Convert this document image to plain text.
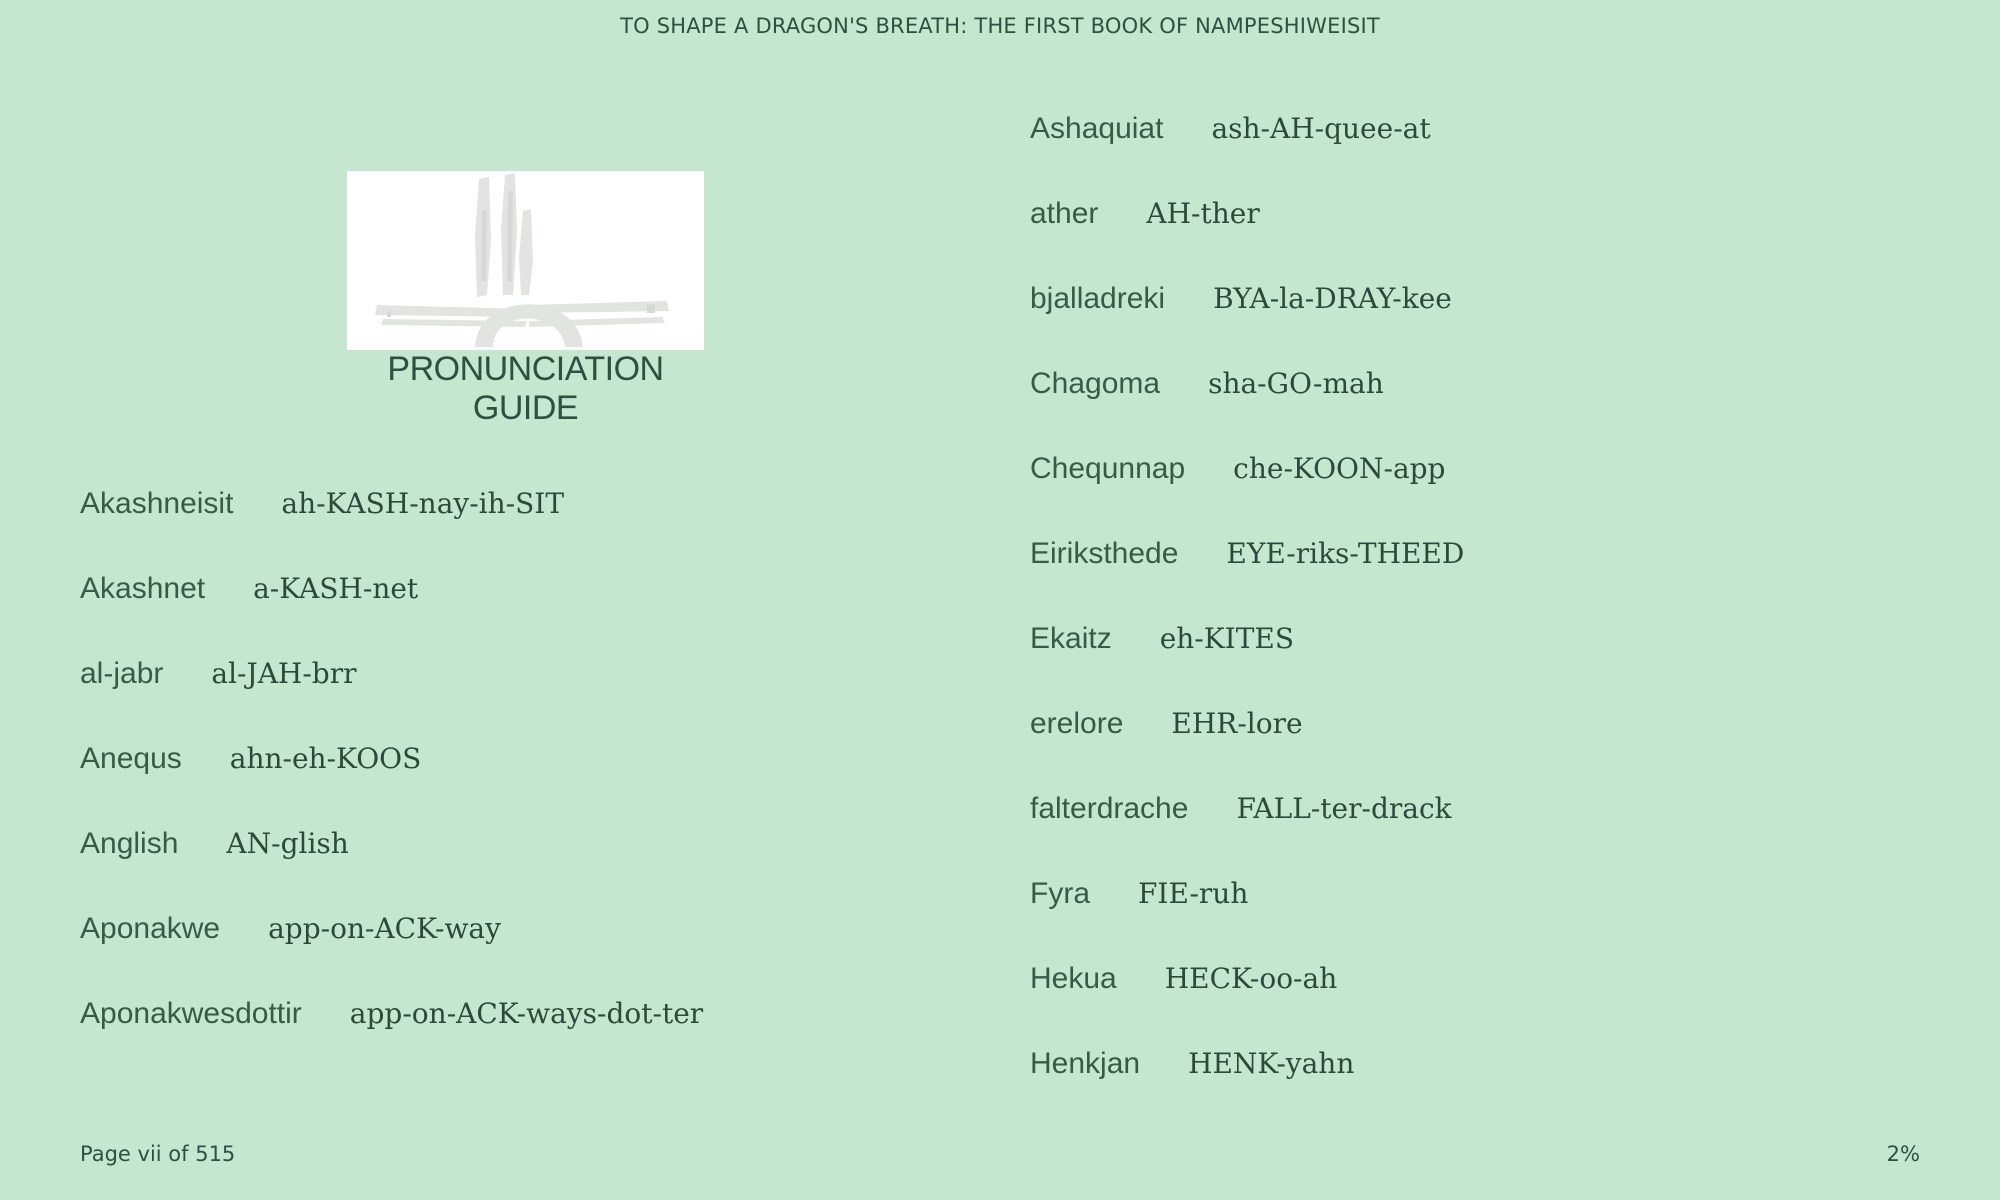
TO SHAPE A DRAGON'S BREATH: THE FIRST BOOK OF NAMPESHIWEISIT
PRONUNCIATION GUIDE
Akashneisit ah-KASH-nay-ih-SIT
Akashnet a-KASH-net
al-jabr al-JAH-brr
Anequs ahn-eh-KOOS
Anglish AN-glish
Aponakwe app-on-ACK-way
Aponakwesdottir app-on-ACK-ways-dot-ter
Ashaquiat ash-AH-quee-at
ather AH-ther
bjalladreki BYA-la-DRAY-kee
Chagoma sha-GO-mah
Chequnnap che-KOON-app
Eiriksthede EYE-riks-THEED
Ekaitz eh-KITES
erelore EHR-lore
falterdrache FALL-ter-drack
Fyra FIE-ruh
Hekua HECK-oo-ah
Henkjan HENK-yahn
Page vii of 515	2%
